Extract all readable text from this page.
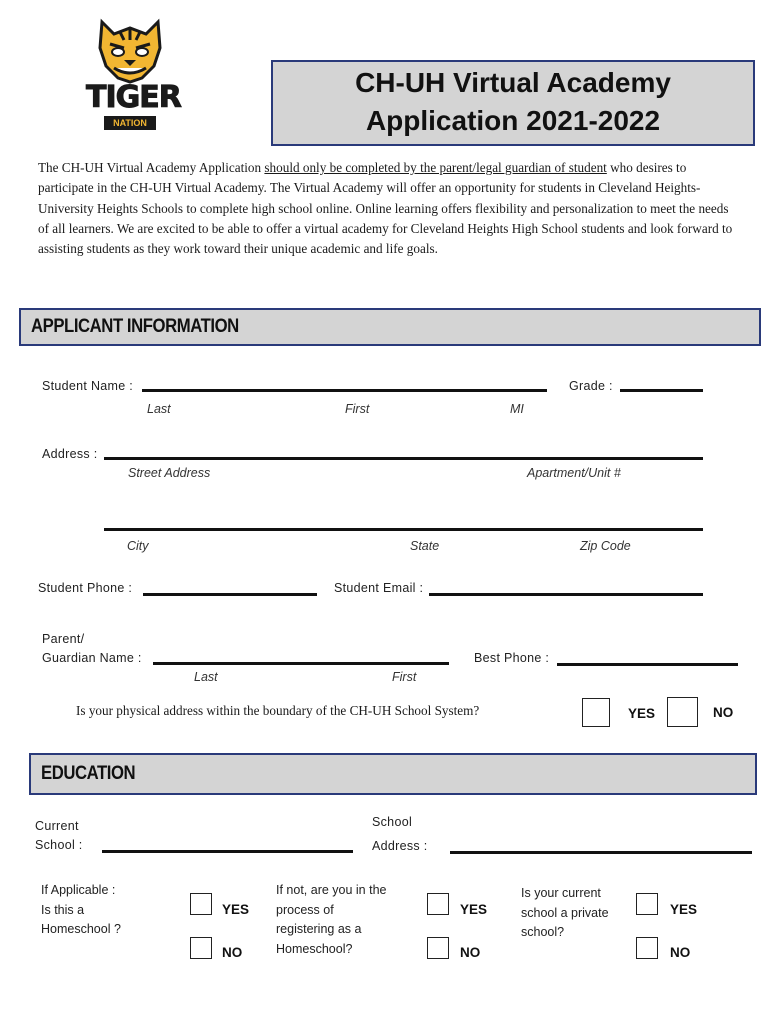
TIGER
NATION
CH-UH Virtual Academy
Application 2021-2022
The CH-UH Virtual Academy Application should only be completed by the parent/legal guardian of student who desires to participate in the CH-UH Virtual Academy. The Virtual Academy will offer an opportunity for students in Cleveland Heights- University Heights Schools to complete high school online. Online learning offers flexibility and personalization to meet the needs of all learners. We are excited to be able to offer a virtual academy for Cleveland Heights High School students and look forward to assisting students as they work toward their unique academic and life goals.
APPLICANT INFORMATION
Student Name :	Grade :
Last	First	MI
Address :
Street Address	Apartment/Unit #
City	State	Zip Code
Student Phone :	Student Email :
Parent/
Guardian Name :	Best Phone :
Last	First
Is your physical address within the boundary of the CH-UH School System?	YES	NO
EDUCATION
Current
School :
School
Address :
If Applicable :
Is this a
Homeschool ?
YES
NO
If not, are you in the
process of
registering as a
Homeschool?
YES
NO
Is your current
school a private
school?
YES
NO
